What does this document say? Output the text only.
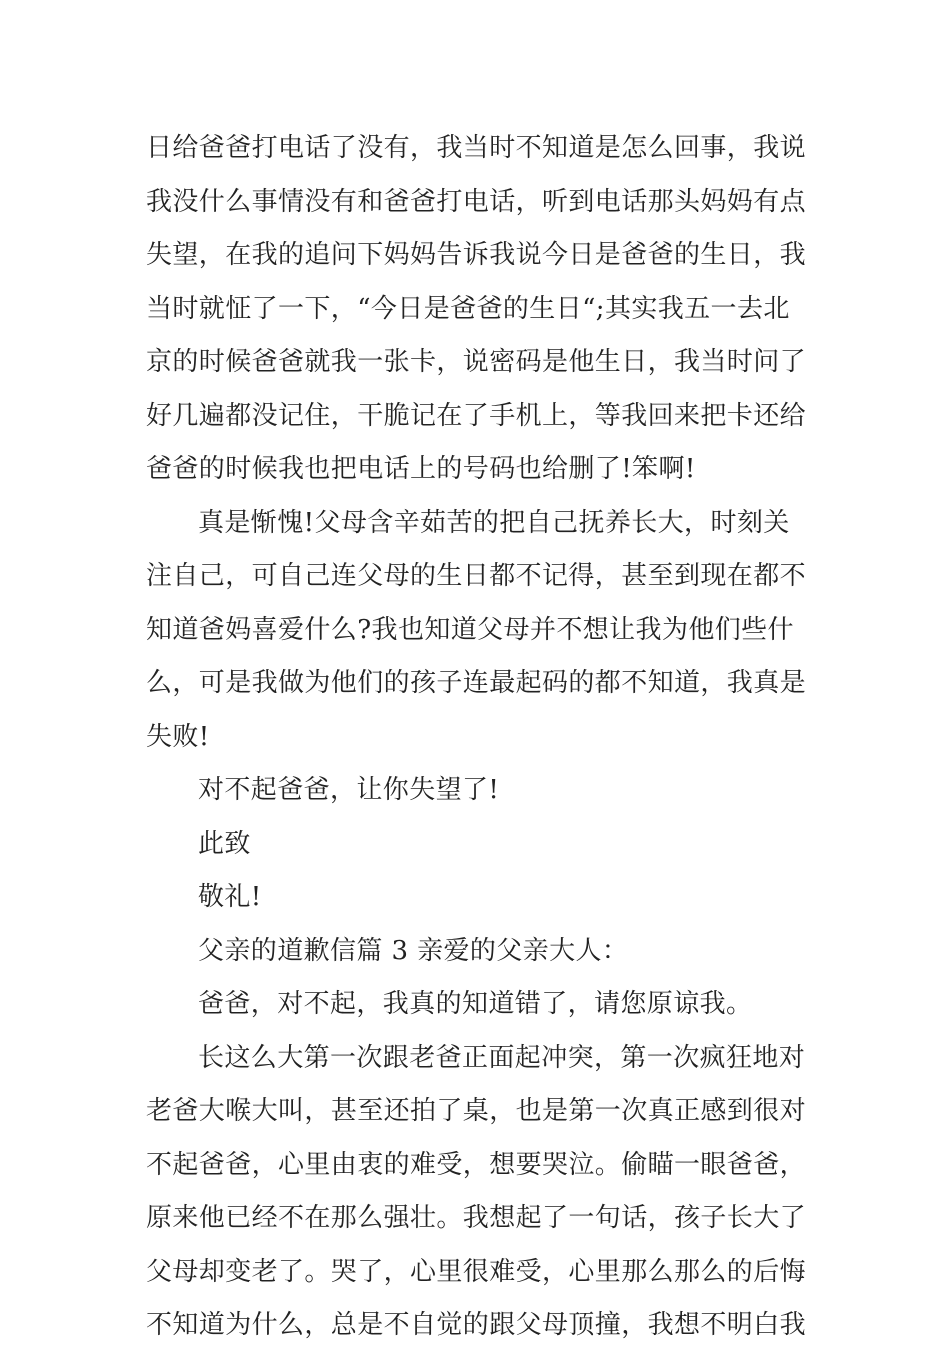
日给爸爸打电话了没有，我当时不知道是怎么回事，我说我没什么事情没有和爸爸打电话，听到电话那头妈妈有点失望，在我的追问下妈妈告诉我说今日是爸爸的生日，我当时就怔了一下，“今日是爸爸的生日“;其实我五一去北京的时候爸爸就我一张卡，说密码是他生日，我当时问了好几遍都没记住，干脆记在了手机上，等我回来把卡还给爸爸的时候我也把电话上的号码也给删了!笨啊!

真是惭愧!父母含辛茹苦的把自己抚养长大，时刻关注自己，可自己连父母的生日都不记得，甚至到现在都不知道爸妈喜爱什么?我也知道父母并不想让我为他们些什么，可是我做为他们的孩子连最起码的都不知道，我真是失败!

对不起爸爸，让你失望了!

此致

敬礼!

父亲的道歉信篇 3 亲爱的父亲大人：

爸爸，对不起，我真的知道错了，请您原谅我。

长这么大第一次跟老爸正面起冲突，第一次疯狂地对老爸大喉大叫，甚至还拍了桌，也是第一次真正感到很对不起爸爸，心里由衷的难受，想要哭泣。偷瞄一眼爸爸，原来他已经不在那么强壮。我想起了一句话，孩子长大了父母却变老了。哭了，心里很难受，心里那么那么的后悔不知道为什么，总是不自觉的跟父母顶撞，我想不明白我
